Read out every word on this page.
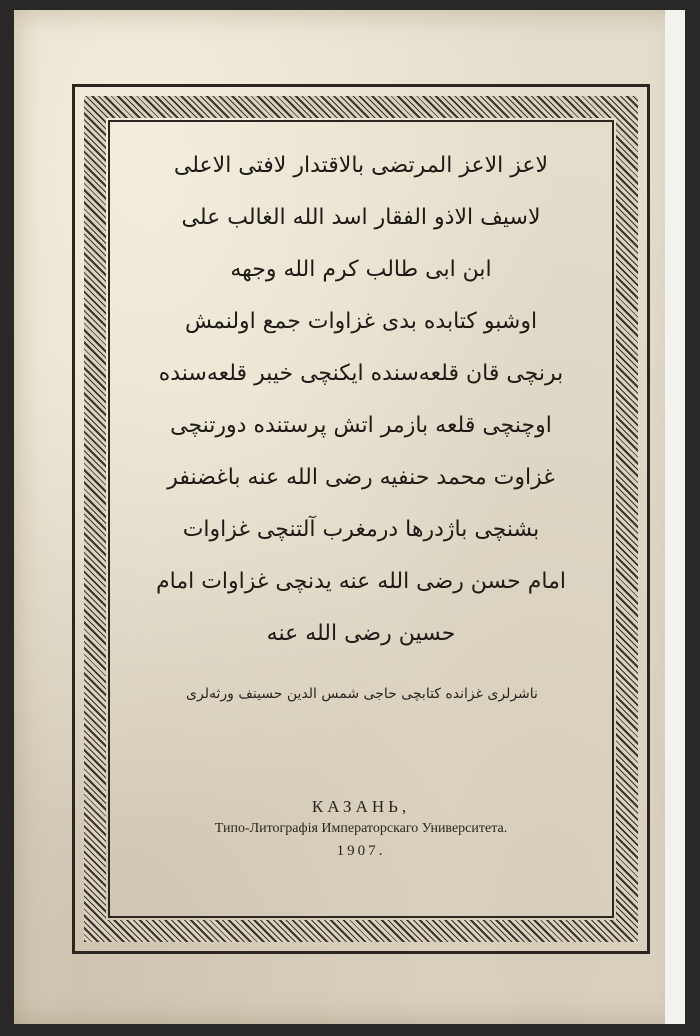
لاعز الاعز المرتضى بالاقتدار لافتى الاعلى
لاسيف الاذو الفقار اسد الله الغالب على
ابن ابى طالب كرم الله وجهه
اوشبو كتابده بدى غزاوات جمع اولنمش
برنچى قان قلعه‌سنده ايكنچى خيبر قلعه‌سنده
اوچنچى قلعه بازمر اتش پرستنده دورتنچى
غزاوت محمد حنفيه رضى الله عنه باغضنفر
بشنچى باژدرها درمغرب آلتنچى غزاوات
امام حسن رضى الله عنه يدنچى غزاوات امام
حسين رضى الله عنه
ناشرلرى غزانده كتابچى حاجى شمس الدين حسينف ورثه‌لرى
КАЗАНЬ,
Типо-Литографія Императорскаго Университета.
1907.
